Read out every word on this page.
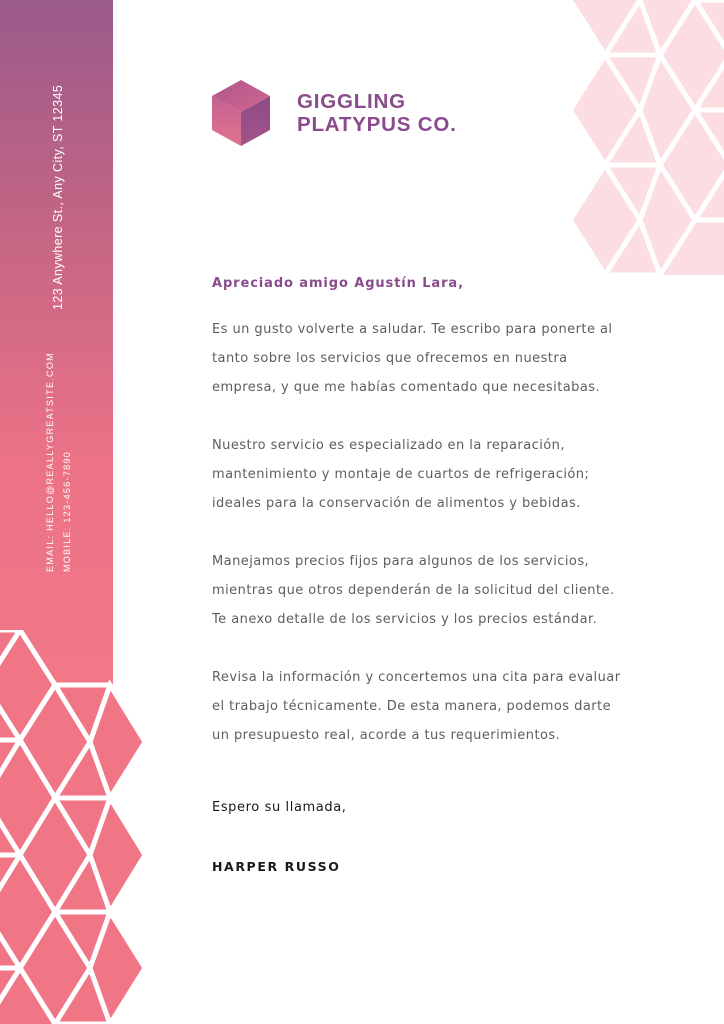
123 Anywhere St., Any City, ST 12345
EMAIL: HELLO@REALLYGREATSITE.COM MOBILE: 123-456-7890
GIGGLING
PLATYPUS CO.
Apreciado amigo Agustín Lara,

Es un gusto volverte a saludar. Te escribo para ponerte al
tanto sobre los servicios que ofrecemos en nuestra
empresa, y que me habías comentado que necesitabas.

Nuestro servicio es especializado en la reparación,
mantenimiento y montaje de cuartos de refrigeración;
ideales para la conservación de alimentos y bebidas.

Manejamos precios fijos para algunos de los servicios,
mientras que otros dependerán de la solicitud del cliente.
Te anexo detalle de los servicios y los precios estándar.

Revisa la información y concertemos una cita para evaluar
el trabajo técnicamente. De esta manera, podemos darte
un presupuesto real, acorde a tus requerimientos.

Espero su llamada,
HARPER RUSSO
